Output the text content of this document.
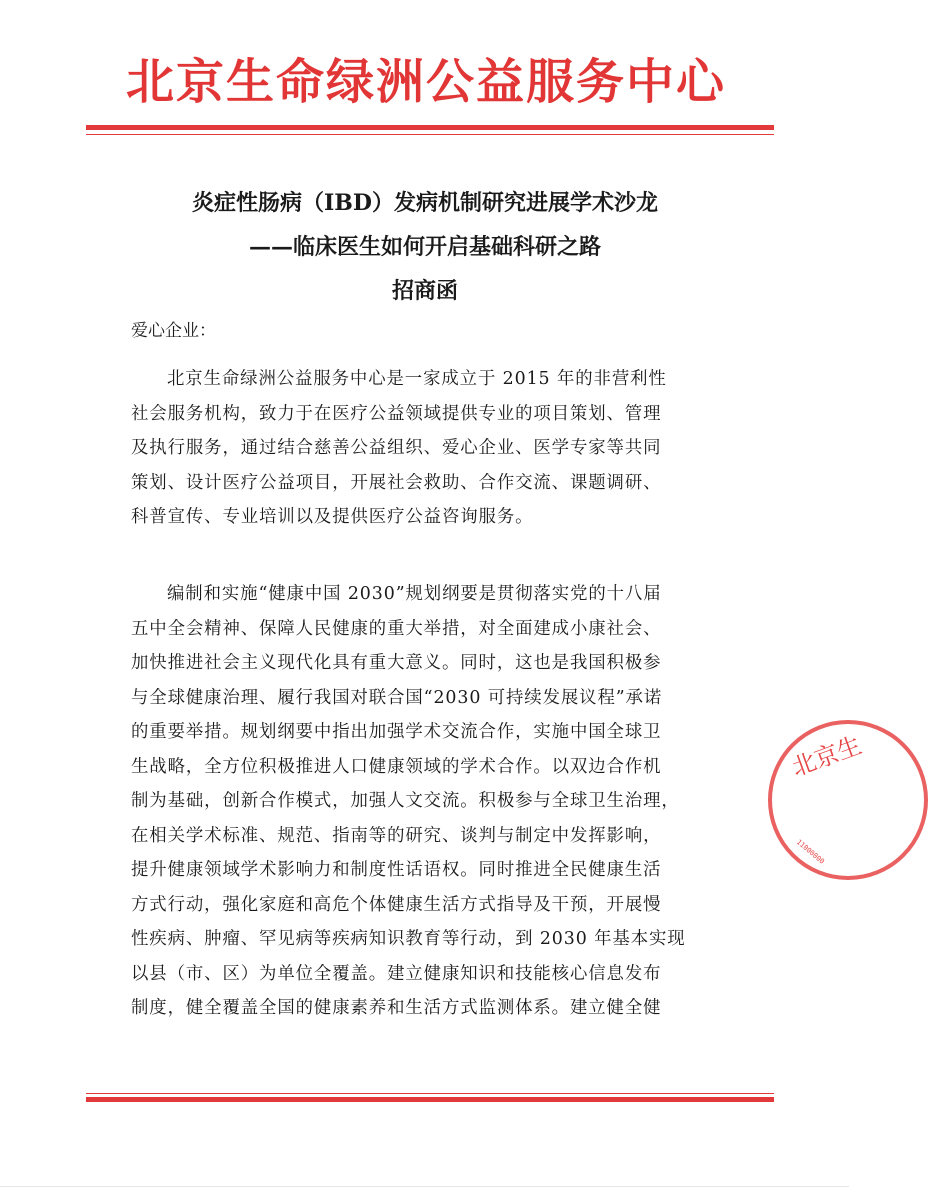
北京生命绿洲公益服务中心
炎症性肠病（IBD）发病机制研究进展学术沙龙
——临床医生如何开启基础科研之路
招商函
爱心企业：
北京生命绿洲公益服务中心是一家成立于 2015 年的非营利性
社会服务机构，致力于在医疗公益领域提供专业的项目策划、管理
及执行服务，通过结合慈善公益组织、爱心企业、医学专家等共同
策划、设计医疗公益项目，开展社会救助、合作交流、课题调研、
科普宣传、专业培训以及提供医疗公益咨询服务。
编制和实施“健康中国 2030”规划纲要是贯彻落实党的十八届
五中全会精神、保障人民健康的重大举措，对全面建成小康社会、
加快推进社会主义现代化具有重大意义。同时，这也是我国积极参
与全球健康治理、履行我国对联合国“2030 可持续发展议程”承诺
的重要举措。规划纲要中指出加强学术交流合作，实施中国全球卫
生战略，全方位积极推进人口健康领域的学术合作。以双边合作机
制为基础，创新合作模式，加强人文交流。积极参与全球卫生治理，
在相关学术标准、规范、指南等的研究、谈判与制定中发挥影响，
提升健康领域学术影响力和制度性话语权。同时推进全民健康生活
方式行动，强化家庭和高危个体健康生活方式指导及干预，开展慢
性疾病、肿瘤、罕见病等疾病知识教育等行动，到 2030 年基本实现
以县（市、区）为单位全覆盖。建立健康知识和技能核心信息发布
制度，健全覆盖全国的健康素养和生活方式监测体系。建立健全健
北京生
11000000
